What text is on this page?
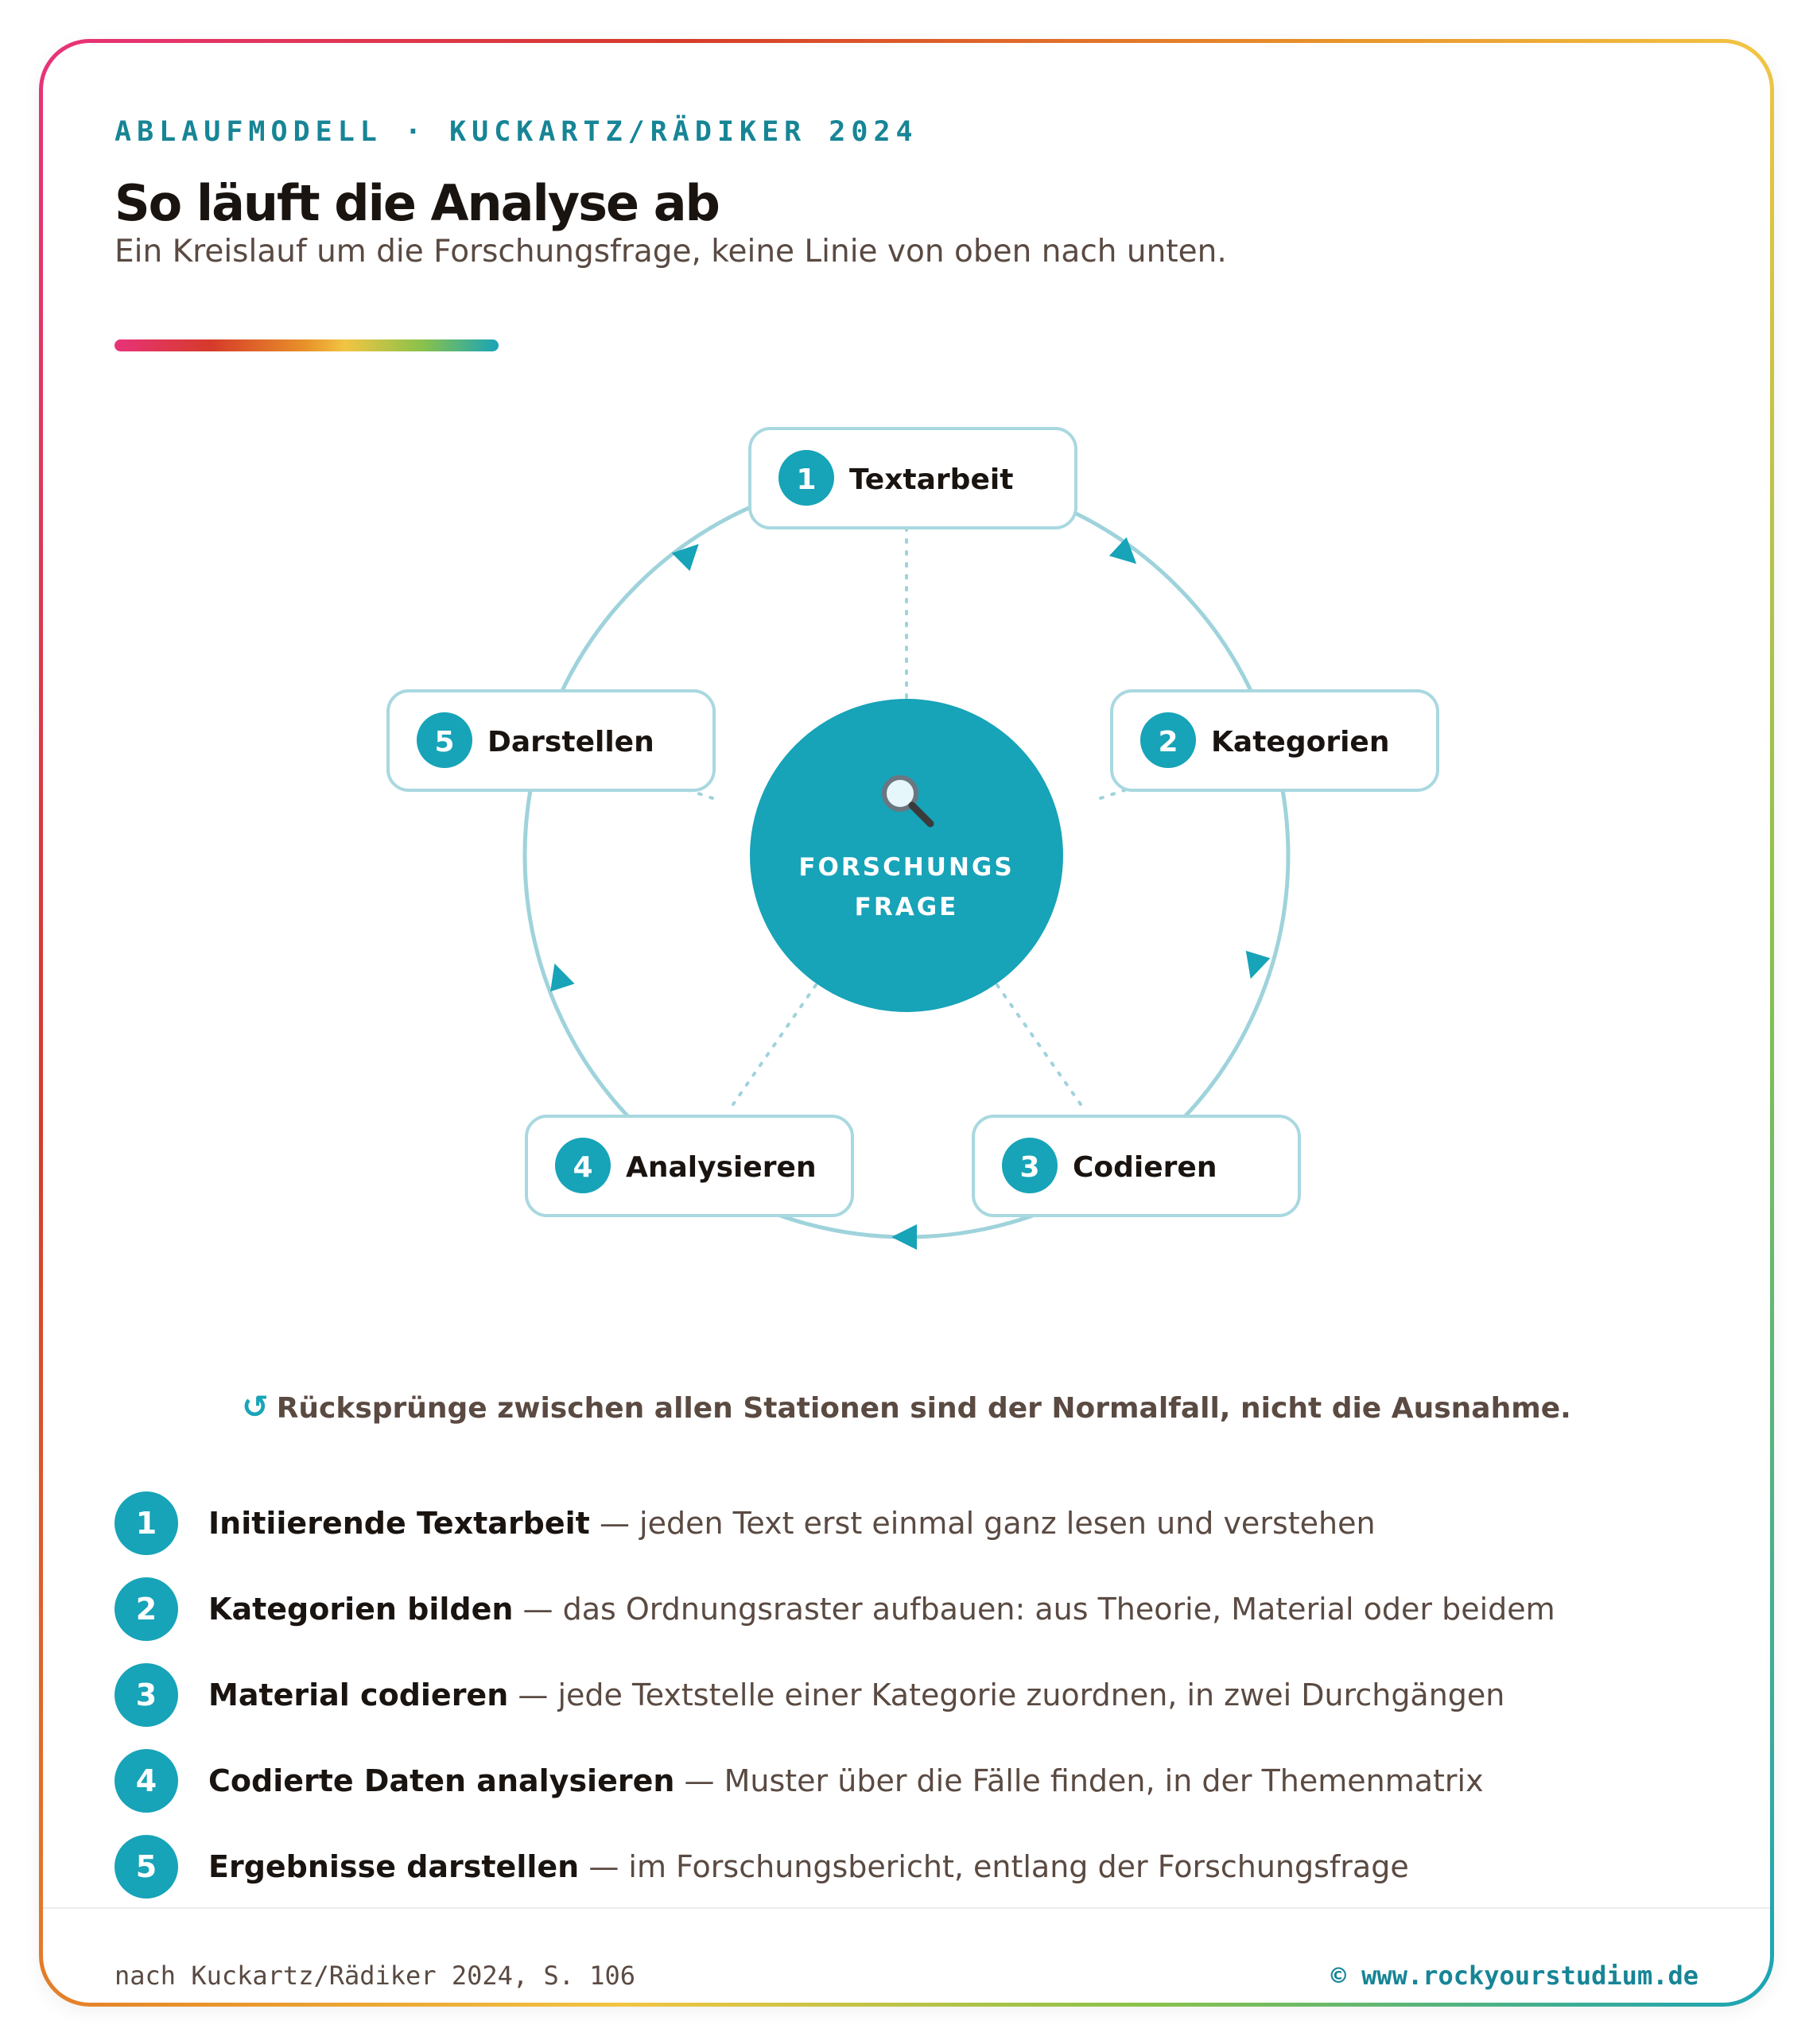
ABLAUFMODELL · KUCKARTZ/RÄDIKER 2024
So läuft die Analyse ab
Ein Kreislauf um die Forschungsfrage, keine Linie von oben nach unten.
FORSCHUNGS
FRAGE
1 Textarbeit
2 Kategorien
3 Codieren
4 Analysieren
5 Darstellen
↺ Rücksprünge zwischen allen Stationen sind der Normalfall, nicht die Ausnahme.
1	Initiierende Textarbeit — jeden Text erst einmal ganz lesen und verstehen
2	Kategorien bilden — das Ordnungsraster aufbauen: aus Theorie, Material oder beidem
3	Material codieren — jede Textstelle einer Kategorie zuordnen, in zwei Durchgängen
4	Codierte Daten analysieren — Muster über die Fälle finden, in der Themenmatrix
5	Ergebnisse darstellen — im Forschungsbericht, entlang der Forschungsfrage
nach Kuckartz/Rädiker 2024, S. 106	© www.rockyourstudium.de
